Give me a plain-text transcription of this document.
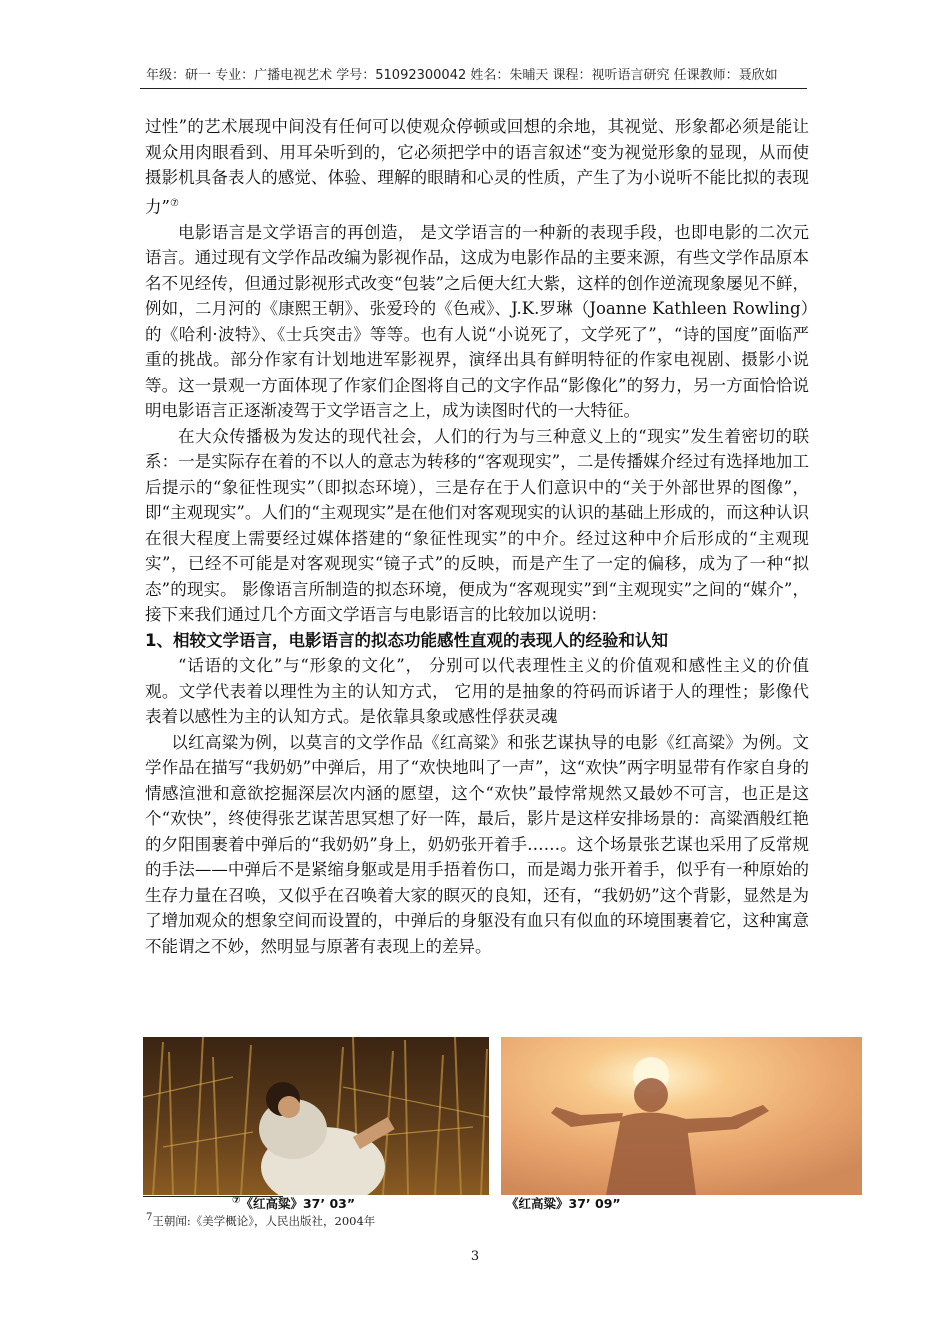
年级：研一 专业：广播电视艺术 学号：51092300042 姓名：朱晡天 课程：视听语言研究 任课教师：聂欣如

过性”的艺术展现中间没有任何可以使观众停顿或回想的余地，其视觉、形象都必须是能让观众用肉眼看到、用耳朵听到的，它必须把学中的语言叙述“变为视觉形象的显现，从而使摄影机具备表人的感觉、体验、理解的眼睛和心灵的性质，产生了为小说听不能比拟的表现力”⑦

电影语言是文学语言的再创造， 是文学语言的一种新的表现手段，也即电影的二次元语言。通过现有文学作品改编为影视作品，这成为电影作品的主要来源，有些文学作品原本名不见经传，但通过影视形式改变“包装”之后便大红大紫，这样的创作逆流现象屡见不鲜，例如，二月河的《康熙王朝》、张爱玲的《色戒》、J.K.罗琳（Joanne Kathleen Rowling）的《哈利·波特》、《士兵突击》等等。也有人说“小说死了，文学死了”，“诗的国度”面临严重的挑战。部分作家有计划地进军影视界，演绎出具有鲜明特征的作家电视剧、摄影小说等。这一景观一方面体现了作家们企图将自己的文字作品“影像化”的努力，另一方面恰恰说明电影语言正逐渐凌驾于文学语言之上，成为读图时代的一大特征。

在大众传播极为发达的现代社会，人们的行为与三种意义上的“现实”发生着密切的联系：一是实际存在着的不以人的意志为转移的“客观现实”，二是传播媒介经过有选择地加工后提示的“象征性现实”（即拟态环境），三是存在于人们意识中的“关于外部世界的图像”，即“主观现实”。人们的“主观现实”是在他们对客观现实的认识的基础上形成的，而这种认识在很大程度上需要经过媒体搭建的“象征性现实”的中介。经过这种中介后形成的“主观现实”，已经不可能是对客观现实“镜子式”的反映，而是产生了一定的偏移，成为了一种“拟态”的现实。 影像语言所制造的拟态环境，便成为“客观现实”到“主观现实”之间的“媒介”，接下来我们通过几个方面文学语言与电影语言的比较加以说明：

1、相较文学语言，电影语言的拟态功能感性直观的表现人的经验和认知

“话语的文化”与“形象的文化”， 分别可以代表理性主义的价值观和感性主义的价值观。文学代表着以理性为主的认知方式， 它用的是抽象的符码而诉诸于人的理性；影像代表着以感性为主的认知方式。是依靠具象或感性俘获灵魂

以红高粱为例，以莫言的文学作品《红高粱》和张艺谋执导的电影《红高粱》为例。文学作品在描写“我奶奶”中弹后，用了“欢快地叫了一声”，这“欢快”两字明显带有作家自身的情感渲泄和意欲挖掘深层次内涵的愿望，这个“欢快”最悖常规然又最妙不可言，也正是这个“欢快”，终使得张艺谋苦思冥想了好一阵，最后，影片是这样安排场景的：高粱酒般红艳的夕阳围裹着中弹后的“我奶奶”身上，奶奶张开着手……。这个场景张艺谋也采用了反常规的手法——中弹后不是紧缩身躯或是用手捂着伤口，而是竭力张开着手，似乎有一种原始的生存力量在召唤，又似乎在召唤着大家的瞑灭的良知，还有，“我奶奶”这个背影，显然是为了增加观众的想象空间而设置的，中弹后的身躯没有血只有似血的环境围裹着它，这种寓意不能谓之不妙，然明显与原著有表现上的差异。

⑦《红高粱》37’ 03”	《红高粱》37’ 09”
$^7$王朝闻:《美学概论》，人民出版社，2004年
3
